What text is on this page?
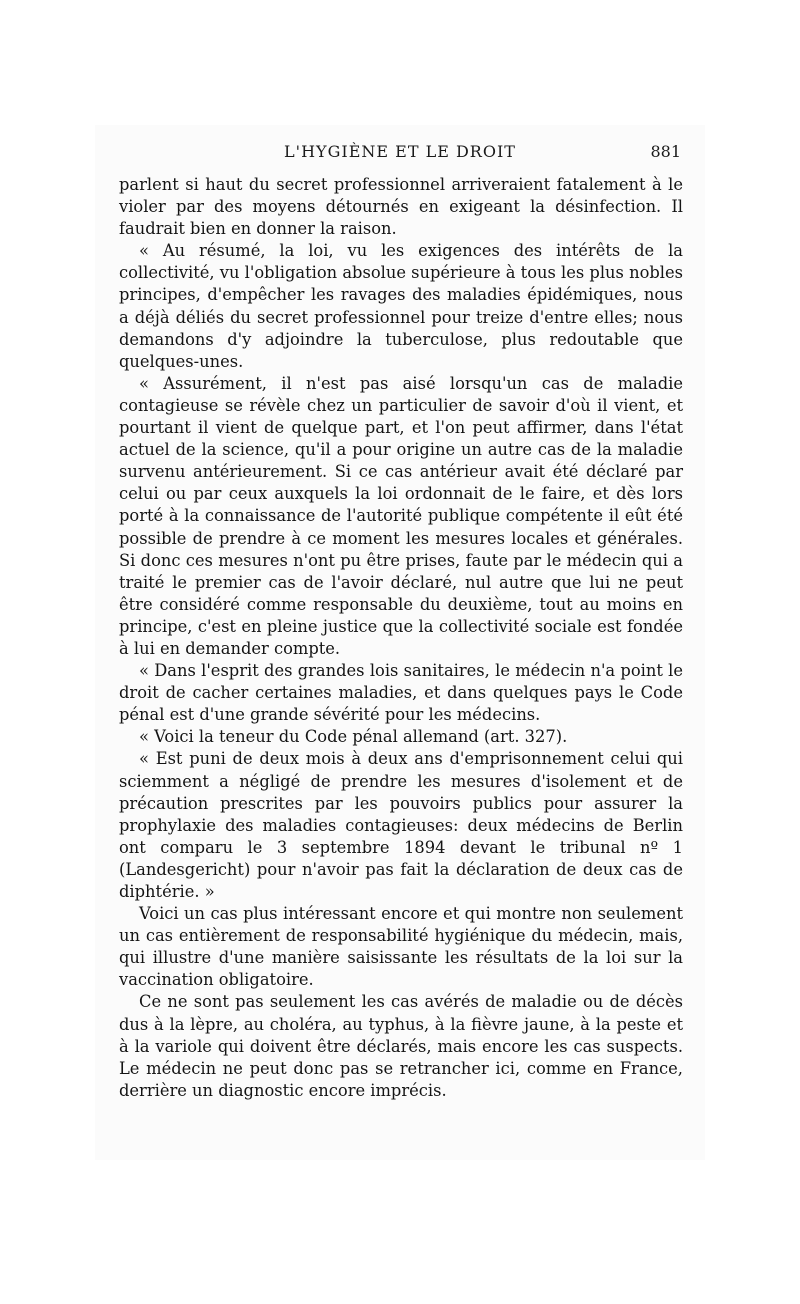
L'HYGIÈNE ET LE DROIT	881

parlent si haut du secret professionnel arriveraient fatalement à le violer par des moyens détournés en exigeant la désinfection. Il faudrait bien en donner la raison.

« Au résumé, la loi, vu les exigences des intérêts de la collectivité, vu l'obligation absolue supérieure à tous les plus nobles principes, d'empêcher les ravages des maladies épidémiques, nous a déjà déliés du secret professionnel pour treize d'entre elles; nous demandons d'y adjoindre la tuberculose, plus redoutable que quelques-unes.

« Assurément, il n'est pas aisé lorsqu'un cas de maladie contagieuse se révèle chez un particulier de savoir d'où il vient, et pourtant il vient de quelque part, et l'on peut affirmer, dans l'état actuel de la science, qu'il a pour origine un autre cas de la maladie survenu antérieurement. Si ce cas antérieur avait été déclaré par celui ou par ceux auxquels la loi ordonnait de le faire, et dès lors porté à la connaissance de l'autorité publique compétente il eût été possible de prendre à ce moment les mesures locales et générales. Si donc ces mesures n'ont pu être prises, faute par le médecin qui a traité le premier cas de l'avoir déclaré, nul autre que lui ne peut être considéré comme responsable du deuxième, tout au moins en principe, c'est en pleine justice que la collectivité sociale est fondée à lui en demander compte.

« Dans l'esprit des grandes lois sanitaires, le médecin n'a point le droit de cacher certaines maladies, et dans quelques pays le Code pénal est d'une grande sévérité pour les médecins.

« Voici la teneur du Code pénal allemand (art. 327).

« Est puni de deux mois à deux ans d'emprisonnement celui qui sciemment a négligé de prendre les mesures d'isolement et de précaution prescrites par les pouvoirs publics pour assurer la prophylaxie des maladies contagieuses: deux médecins de Berlin ont comparu le 3 septembre 1894 devant le tribunal nº 1 (Landesgericht) pour n'avoir pas fait la déclaration de deux cas de diphtérie. »

Voici un cas plus intéressant encore et qui montre non seulement un cas entièrement de responsabilité hygiénique du médecin, mais, qui illustre d'une manière saisissante les résultats de la loi sur la vaccination obligatoire.

Ce ne sont pas seulement les cas avérés de maladie ou de décès dus à la lèpre, au choléra, au typhus, à la fièvre jaune, à la peste et à la variole qui doivent être déclarés, mais encore les cas suspects. Le médecin ne peut donc pas se retrancher ici, comme en France, derrière un diagnostic encore imprécis.
